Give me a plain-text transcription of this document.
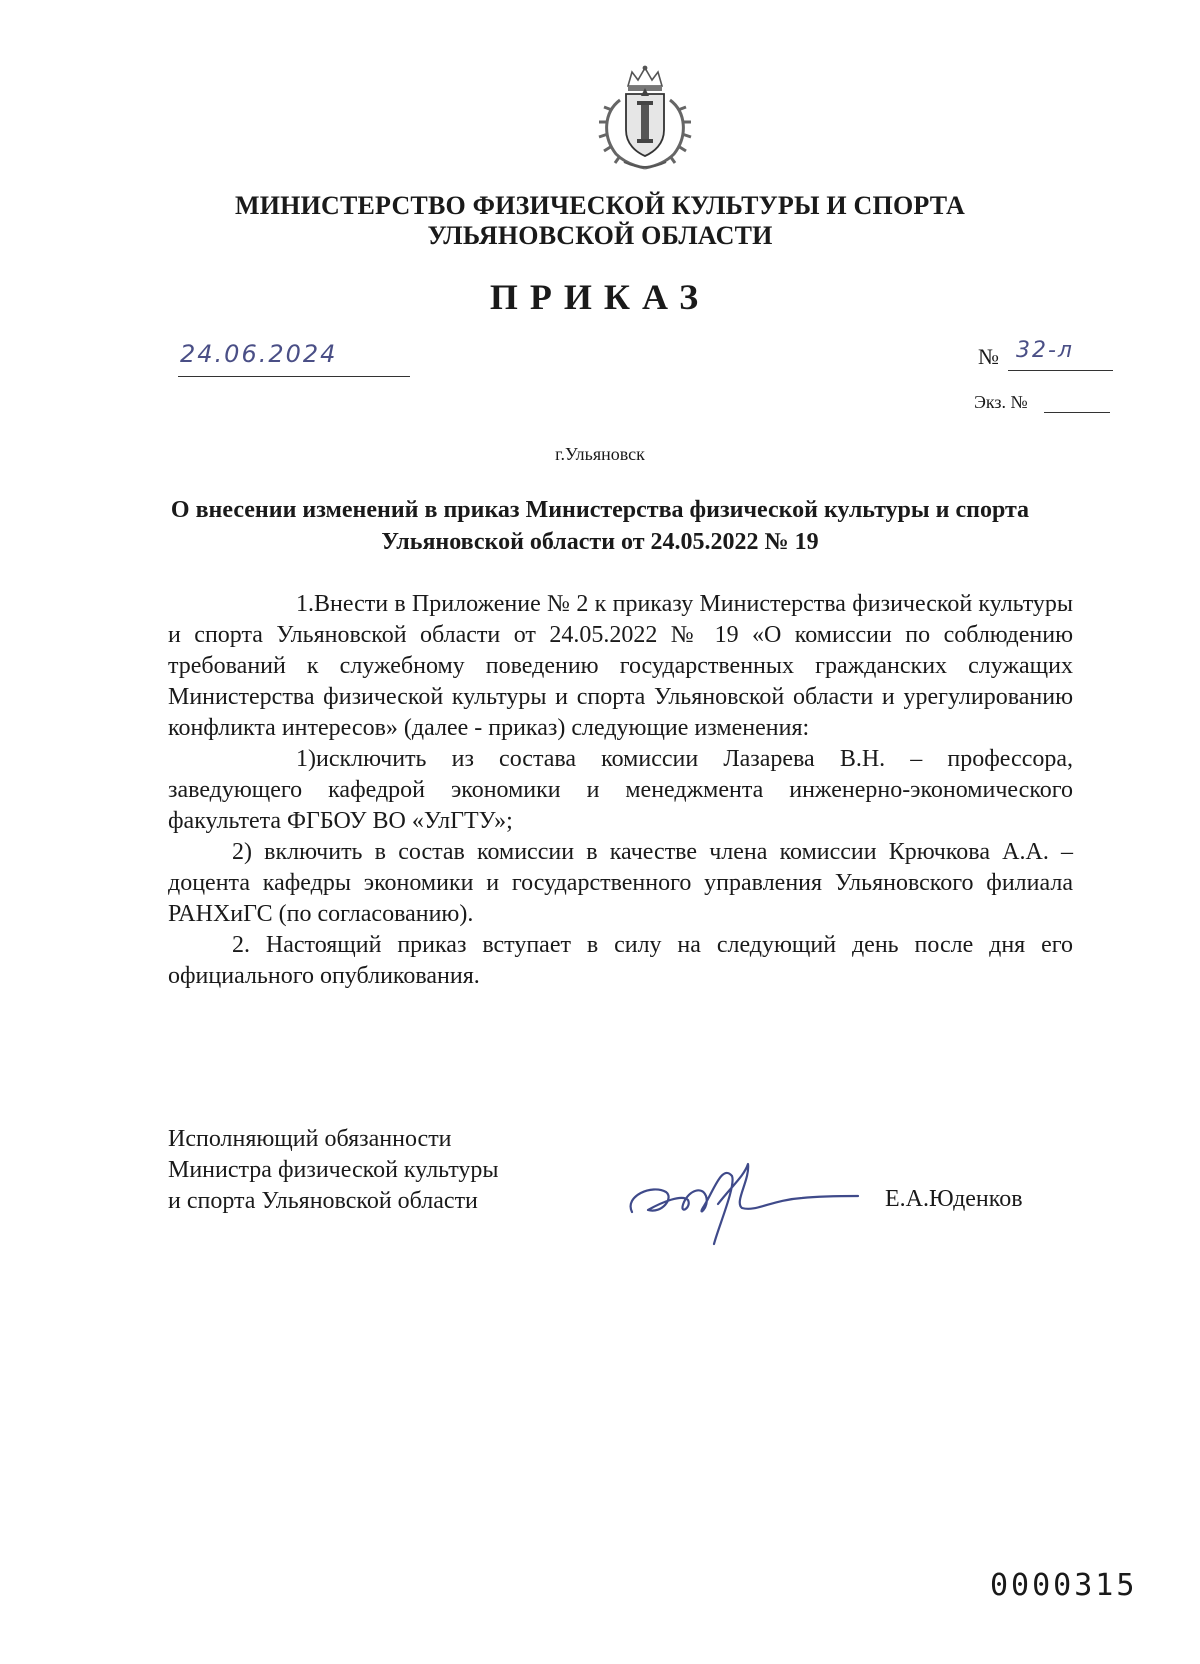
МИНИСТЕРСТВО ФИЗИЧЕСКОЙ КУЛЬТУРЫ И СПОРТА
УЛЬЯНОВСКОЙ ОБЛАСТИ
ПРИКАЗ
24.06.2024	№ 32-л
Экз. №
г.Ульяновск
О внесении изменений в приказ Министерства физической культуры и спорта Ульяновской области от 24.05.2022 № 19

1.Внести в Приложение № 2 к приказу Министерства физической культуры и спорта Ульяновской области от 24.05.2022 № 19 «О комиссии по соблюдению требований к служебному поведению государственных гражданских служащих Министерства физической культуры и спорта Ульяновской области и урегулированию конфликта интересов» (далее - приказ) следующие изменения:

1)исключить из состава комиссии Лазарева В.Н. – профессора, заведующего кафедрой экономики и менеджмента инженерно-экономического факультета ФГБОУ ВО «УлГТУ»;

2) включить в состав комиссии в качестве члена комиссии Крючкова А.А. – доцента кафедры экономики и государственного управления Ульяновского филиала РАНХиГС (по согласованию).

2. Настоящий приказ вступает в силу на следующий день после дня его официального опубликования.

Исполняющий обязанности
Министра физической культуры
и спорта Ульяновской области	Е.А.Юденков
0000315
